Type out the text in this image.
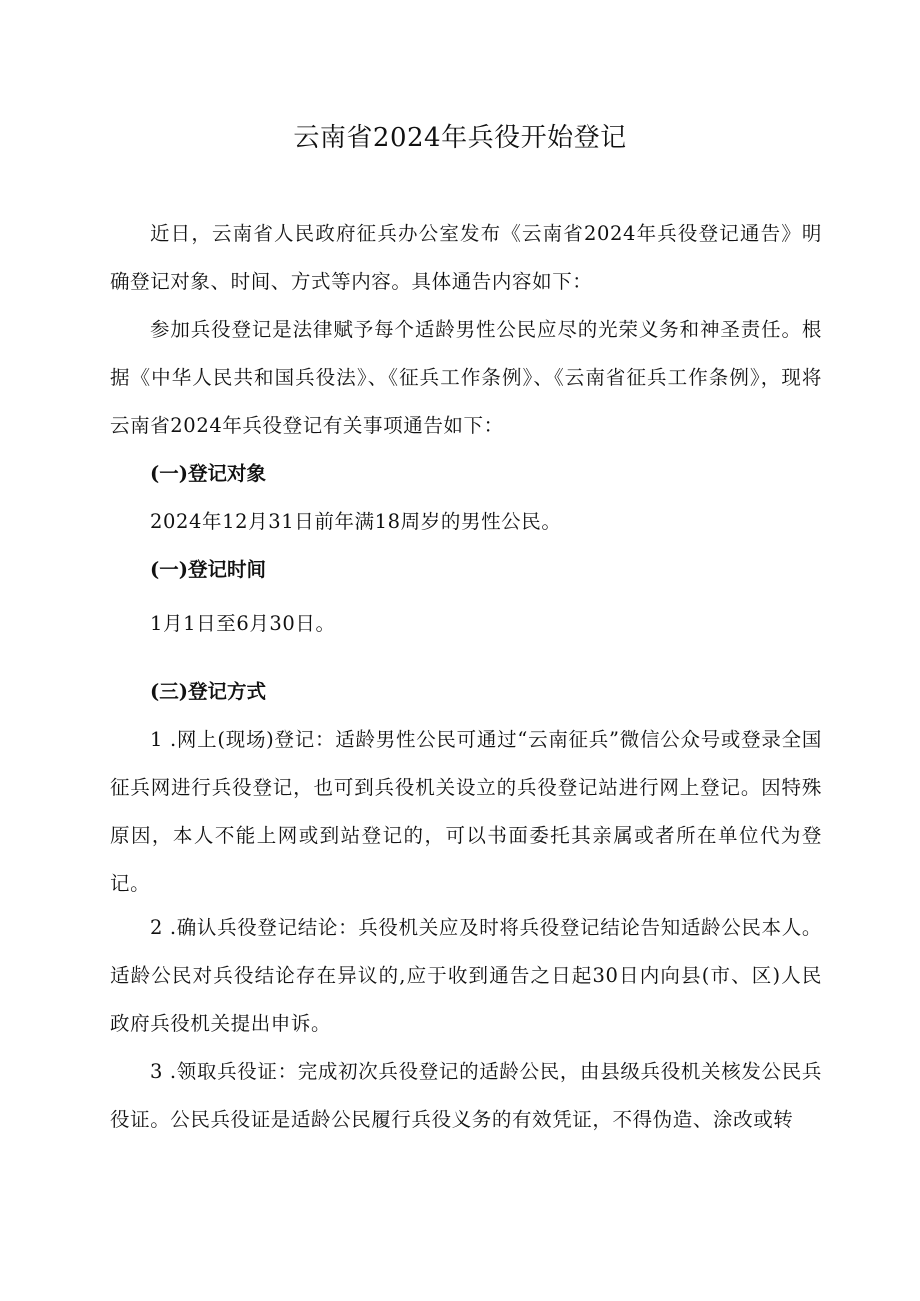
云南省2024年兵役开始登记

近日，云南省人民政府征兵办公室发布《云南省2024年兵役登记通告》明确登记对象、时间、方式等内容。具体通告内容如下：

参加兵役登记是法律赋予每个适龄男性公民应尽的光荣义务和神圣责任。根据《中华人民共和国兵役法》、《征兵工作条例》、《云南省征兵工作条例》，现将云南省2024年兵役登记有关事项通告如下：

(一)登记对象

2024年12月31日前年满18周岁的男性公民。

(一)登记时间

1月1日至6月30日。

(三)登记方式

1 .网上(现场)登记：适龄男性公民可通过“云南征兵”微信公众号或登录全国征兵网进行兵役登记，也可到兵役机关设立的兵役登记站进行网上登记。因特殊原因，本人不能上网或到站登记的，可以书面委托其亲属或者所在单位代为登记。

2 .确认兵役登记结论：兵役机关应及时将兵役登记结论告知适龄公民本人。适龄公民对兵役结论存在异议的,应于收到通告之日起30日内向县(市、区)人民政府兵役机关提出申诉。

3 .领取兵役证：完成初次兵役登记的适龄公民，由县级兵役机关核发公民兵役证。公民兵役证是适龄公民履行兵役义务的有效凭证，不得伪造、涂改或转
